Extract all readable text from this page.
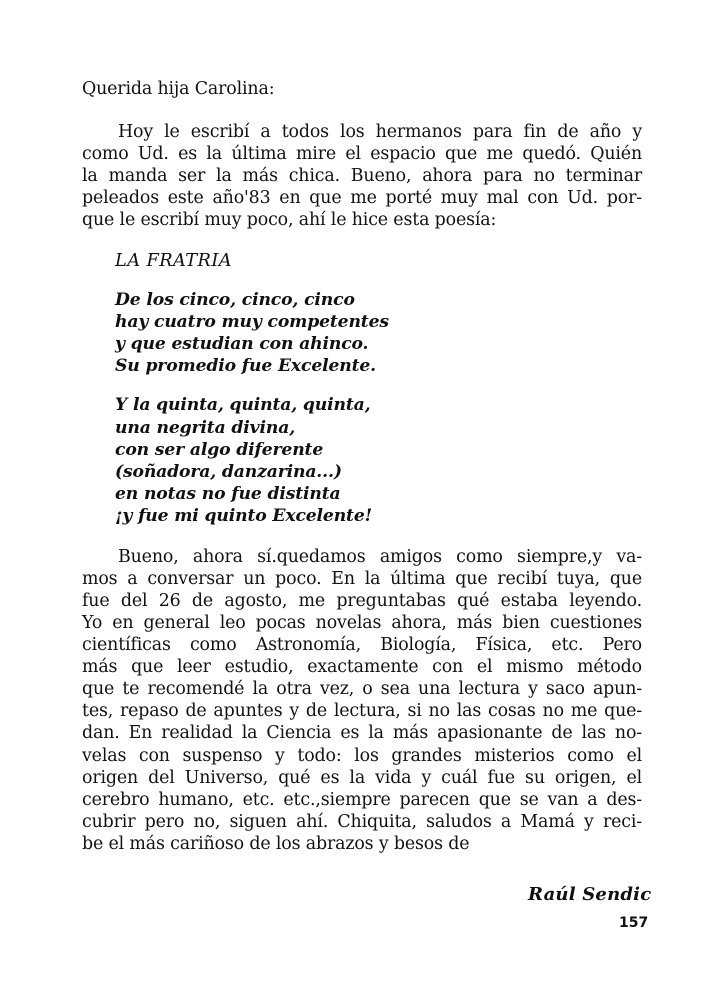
Querida hija Carolina:
Hoy le escribí a todos los hermanos para fin de año y
como Ud. es la última mire el espacio que me quedó. Quién
la manda ser la más chica. Bueno, ahora para no terminar
peleados este año'83 en que me porté muy mal con Ud. por-
que le escribí muy poco, ahí le hice esta poesía:
LA FRATRIA
De los cinco, cinco, cinco
hay cuatro muy competentes
y que estudian con ahinco.
Su promedio fue Excelente.
Y la quinta, quinta, quinta,
una negrita divina,
con ser algo diferente
(soñadora, danzarina...)
en notas no fue distinta
¡y fue mi quinto Excelente!
Bueno, ahora sí.quedamos amigos como siempre,y va-
mos a conversar un poco. En la última que recibí tuya, que
fue del 26 de agosto, me preguntabas qué estaba leyendo.
Yo en general leo pocas novelas ahora, más bien cuestiones
científicas como Astronomía, Biología, Física, etc. Pero
más que leer estudio, exactamente con el mismo método
que te recomendé la otra vez, o sea una lectura y saco apun-
tes, repaso de apuntes y de lectura, si no las cosas no me que-
dan. En realidad la Ciencia es la más apasionante de las no-
velas con suspenso y todo: los grandes misterios como el
origen del Universo, qué es la vida y cuál fue su origen, el
cerebro humano, etc. etc.,siempre parecen que se van a des-
cubrir pero no, siguen ahí. Chiquita, saludos a Mamá y reci-
be el más cariñoso de los abrazos y besos de
Raúl Sendic
157
